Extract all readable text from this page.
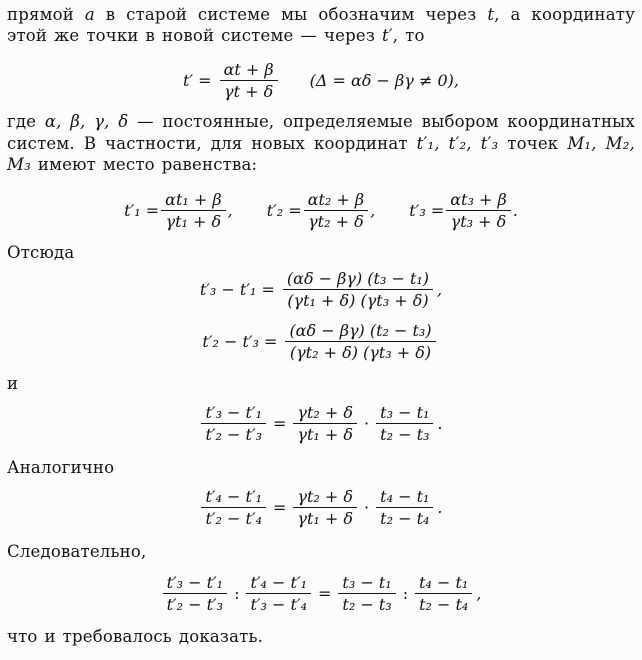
прямой a в старой системе мы обозначим через t, а координату этой же точки в новой системе — через t′, то

$t' = \frac{\alpha t + \beta}{\gamma t + \delta} (\Delta = \alpha\delta - \beta\gamma \ne 0)$,

где α, β, γ, δ — постоянные, определяемые выбором координатных систем. В частности, для новых координат t′₁, t′₂, t′₃ точек M₁, M₂, M₃ имеют место равенства:

$t'_1 = \frac{\text{αt₁ + β}}{\text{γt₁ + δ}}$ , $t'_2 = \frac{\text{αt₂ + β}}{\text{γt₂ + δ}}$ , $t'_3 = \frac{\text{αt₃ + β}}{\text{γt₃ + δ}}$ .

Отсюда

$t'_3 - t'_1 = \frac{\text{(αδ − βγ) (t₃ − t₁)}}{\text{(γt₁ + δ) (γt₃ + δ)}}$ ,
$t'_2 - t'_3 = \frac{\text{(αδ − βγ) (t₂ − t₃)}}{\text{(γt₂ + δ) (γt₃ + δ)}}$

и

$\frac{\text{t′₃ − t′₁}}{\text{t′₂ − t′₃}} = \frac{\text{γt₂ + δ}}{\text{γt₁ + δ}} \cdot \frac{\text{t₃ − t₁}}{\text{t₂ − t₃}}$ .

Аналогично

$\frac{\text{t′₄ − t′₁}}{\text{t′₂ − t′₄}} = \frac{\text{γt₂ + δ}}{\text{γt₁ + δ}} \cdot \frac{\text{t₄ − t₁}}{\text{t₂ − t₄}}$ .

Следовательно,

$\frac{\text{t′₃ − t′₁}}{\text{t′₂ − t′₃}}$ : $\frac{\text{t′₄ − t′₁}}{\text{t′₃ − t′₄}} = \frac{\text{t₃ − t₁}}{\text{t₂ − t₃}}$ : $\frac{\text{t₄ − t₁}}{\text{t₂ − t₄}}$ ,

что и требовалось доказать.
